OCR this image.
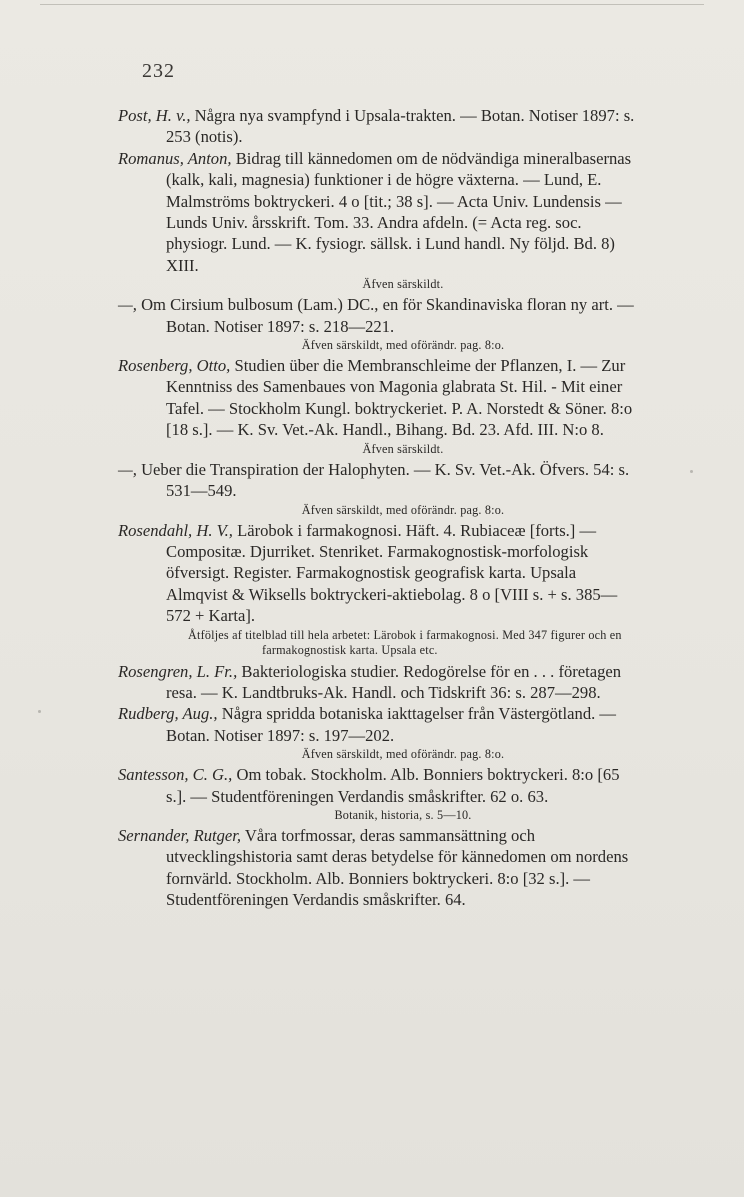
232

Post, H. v., Några nya svampfynd i Upsala-trakten. — Botan. Notiser 1897: s. 253 (notis).

Romanus, Anton, Bidrag till kännedomen om de nödvändiga mineralbasernas (kalk, kali, magnesia) funktioner i de högre växterna. — Lund, E. Malmströms boktryckeri. 4 o [tit.; 38 s]. — Acta Univ. Lundensis — Lunds Univ. årsskrift. Tom. 33. Andra afdeln. (= Acta reg. soc. physiogr. Lund. — K. fysiogr. sällsk. i Lund handl. Ny följd. Bd. 8) XIII.

Äfven särskildt.

—, Om Cirsium bulbosum (Lam.) DC., en för Skandinaviska floran ny art. — Botan. Notiser 1897: s. 218—221.

Äfven särskildt, med oförändr. pag. 8:o.

Rosenberg, Otto, Studien über die Membranschleime der Pflanzen, I. — Zur Kenntniss des Samenbaues von Magonia glabrata St. Hil. - Mit einer Tafel. — Stockholm Kungl. boktryckeriet. P. A. Norstedt & Söner. 8:o [18 s.]. — K. Sv. Vet.-Ak. Handl., Bihang. Bd. 23. Afd. III. N:o 8.

Äfven särskildt.

—, Ueber die Transpiration der Halophyten. — K. Sv. Vet.-Ak. Öfvers. 54: s. 531—549.

Äfven särskildt, med oförändr. pag. 8:o.

Rosendahl, H. V., Lärobok i farmakognosi. Häft. 4. Rubiaceæ [forts.] — Compositæ. Djurriket. Stenriket. Farmakognostisk-morfologisk öfversigt. Register. Farmakognostisk geografisk karta. Upsala Almqvist & Wiksells boktryckeri-aktiebolag. 8 o [VIII s. + s. 385—572 + Karta].

Åtföljes af titelblad till hela arbetet: Lärobok i farmakognosi. Med 347 figurer och en farmakognostisk karta. Upsala etc.

Rosengren, L. Fr., Bakteriologiska studier. Redogörelse för en . . . företagen resa. — K. Landtbruks-Ak. Handl. och Tidskrift 36: s. 287—298.

Rudberg, Aug., Några spridda botaniska iakttagelser från Västergötland. — Botan. Notiser 1897: s. 197—202.

Äfven särskildt, med oförändr. pag. 8:o.

Santesson, C. G., Om tobak. Stockholm. Alb. Bonniers boktryckeri. 8:o [65 s.]. — Studentföreningen Verdandis småskrifter. 62 o. 63.

Botanik, historia, s. 5—10.

Sernander, Rutger, Våra torfmossar, deras sammansättning och utvecklingshistoria samt deras betydelse för kännedomen om nordens fornvärld. Stockholm. Alb. Bonniers boktryckeri. 8:o [32 s.]. — Studentföreningen Verdandis småskrifter. 64.
